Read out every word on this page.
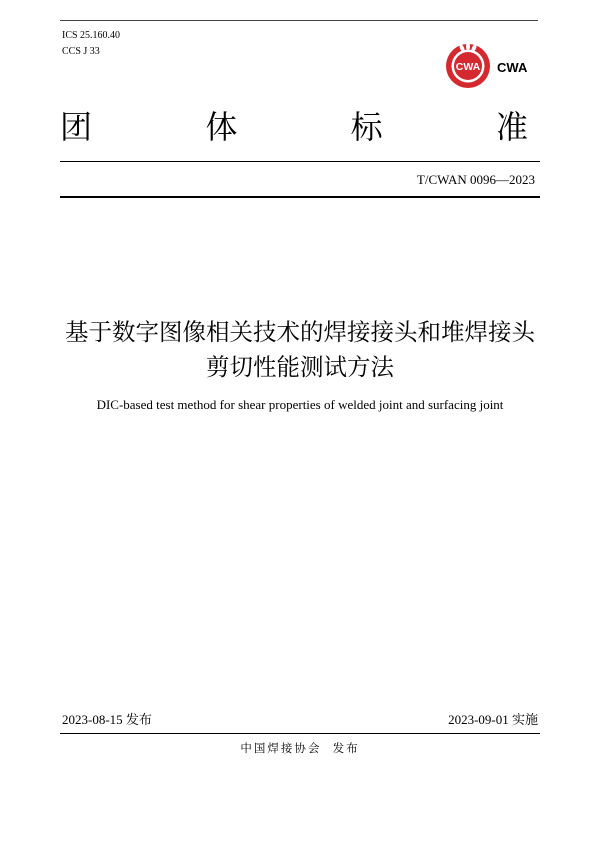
ICS 25.160.40
CCS J 33
CWA CWA
团	体	标	准
T/CWAN 0096—2023
基于数字图像相关技术的焊接接头和堆焊接头
剪切性能测试方法
DIC-based test method for shear properties of welded joint and surfacing joint
2023-08-15 发布	2023-09-01 实施
中国焊接协会  发布
